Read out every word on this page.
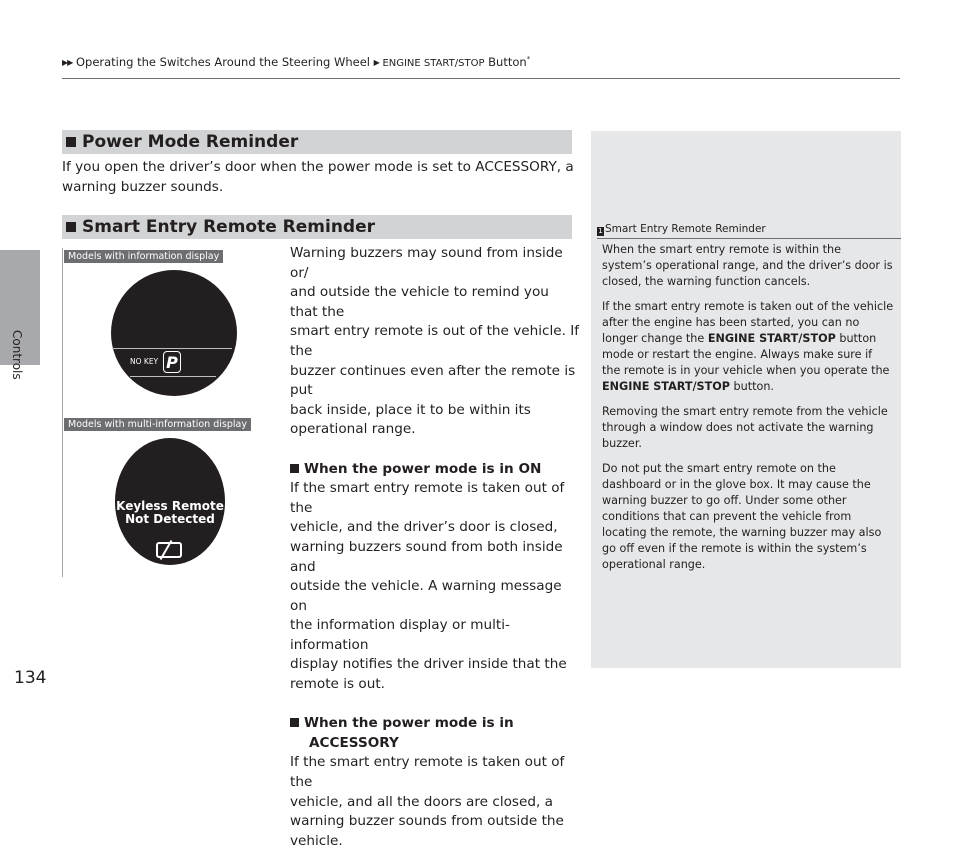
▶▶ Operating the Switches Around the Steering Wheel ▶ ENGINE START/STOP Button*
Controls
134
Power Mode Reminder
If you open the driver’s door when the power mode is set to ACCESSORY, a warning buzzer sounds.
Smart Entry Remote Reminder
Warning buzzers may sound from inside or/
and outside the vehicle to remind you that the
smart entry remote is out of the vehicle. If the
buzzer continues even after the remote is put
back inside, place it to be within its
operational range.
When the power mode is in ON
If the smart entry remote is taken out of the
vehicle, and the driver’s door is closed,
warning buzzers sound from both inside and
outside the vehicle. A warning message on
the information display or multi-information
display notifies the driver inside that the
remote is out.
When the power mode is in
ACCESSORY
If the smart entry remote is taken out of the
vehicle, and all the doors are closed, a
warning buzzer sounds from outside the
vehicle.
Models with information display
NO KEY P
Models with multi-information display
Keyless Remote
Not Detected
1 Smart Entry Remote Reminder

When the smart entry remote is within the system’s operational range, and the driver’s door is closed, the warning function cancels.

If the smart entry remote is taken out of the vehicle after the engine has been started, you can no longer change the ENGINE START/STOP button mode or restart the engine. Always make sure if the remote is in your vehicle when you operate the ENGINE START/STOP button.

Removing the smart entry remote from the vehicle through a window does not activate the warning buzzer.

Do not put the smart entry remote on the dashboard or in the glove box. It may cause the warning buzzer to go off. Under some other conditions that can prevent the vehicle from locating the remote, the warning buzzer may also go off even if the remote is within the system’s operational range.
